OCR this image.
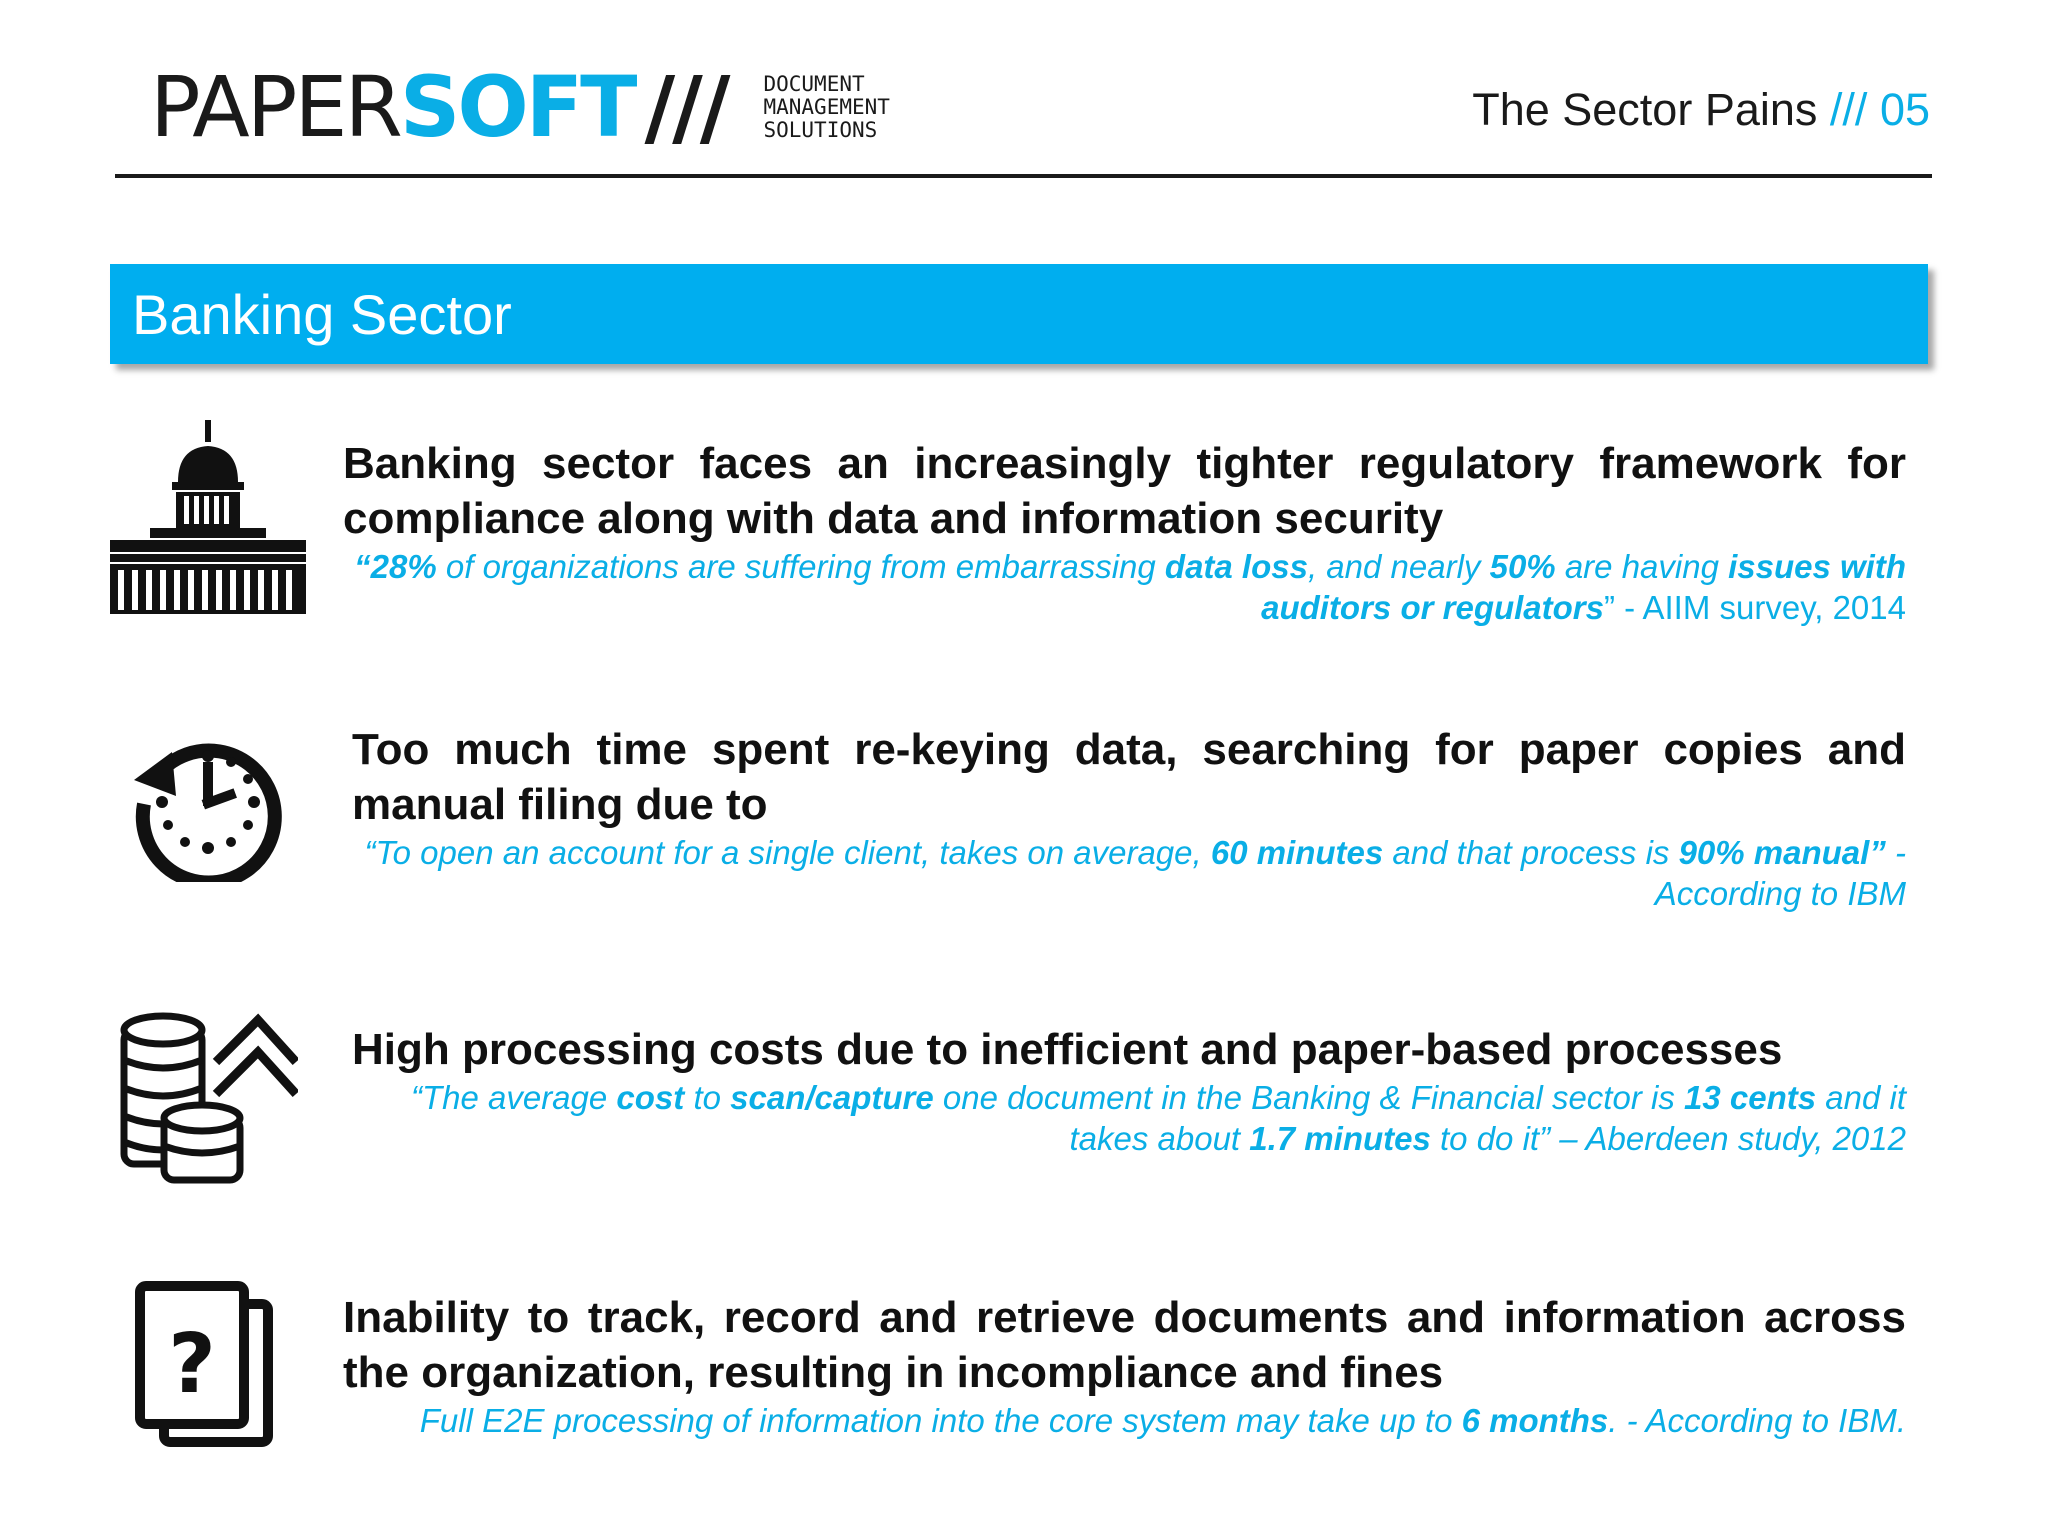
PAPER SOFT /// DOCUMENT
MANAGEMENT
SOLUTIONS	The Sector Pains /// 05
Banking Sector
Banking sector faces an increasingly tighter regulatory framework for compliance along with data and information security
“28% of organizations are suffering from embarrassing data loss, and nearly 50% are having issues with auditors or regulators” - AIIM survey, 2014
Too much time spent re-keying data, searching for paper copies and manual filing due to
“To open an account for a single client, takes on average, 60 minutes and that process is 90% manual” - According to IBM
High processing costs due to inefficient and paper-based processes
“The average cost to scan/capture one document in the Banking & Financial sector is 13 cents and it takes about 1.7 minutes to do it” – Aberdeen study, 2012
?	Inability to track, record and retrieve documents and information across the organization, resulting in incompliance and fines
Full E2E processing of information into the core system may take up to 6 months. - According to IBM.
